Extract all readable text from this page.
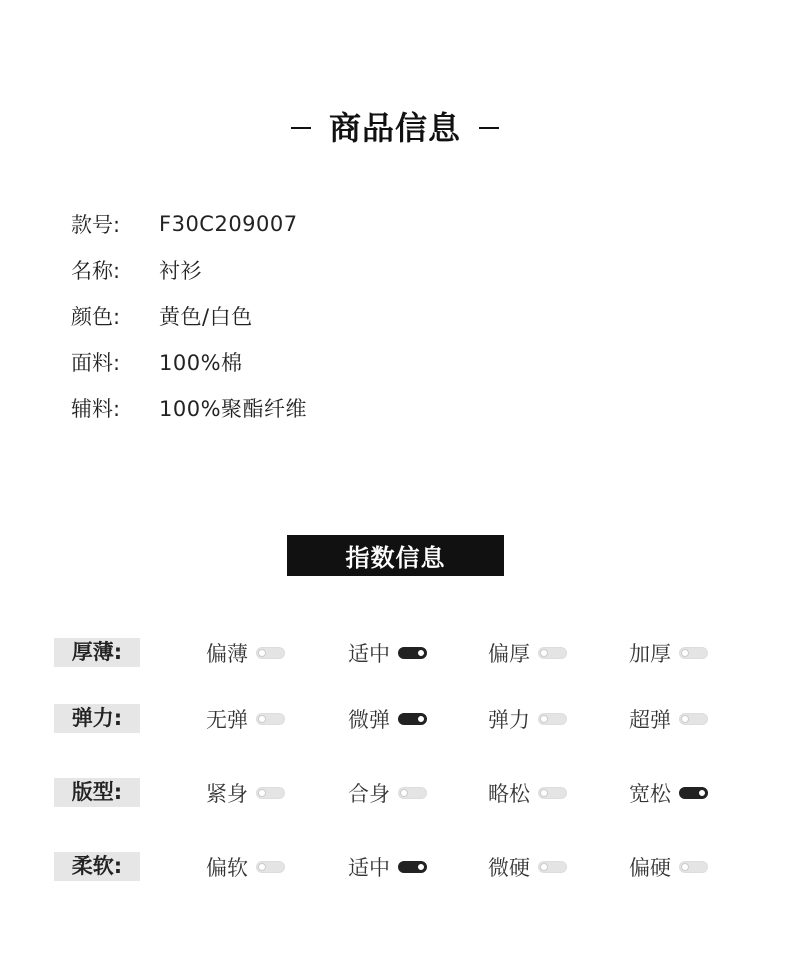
商品信息
款号:	F30C209007
名称:	衬衫
颜色:	黄色/白色
面料:	100%棉
辅料:	100%聚酯纤维
指数信息
厚薄:	偏薄	适中	偏厚	加厚
弹力:	无弹	微弹	弹力	超弹
版型:	紧身	合身	略松	宽松
柔软:	偏软	适中	微硬	偏硬
